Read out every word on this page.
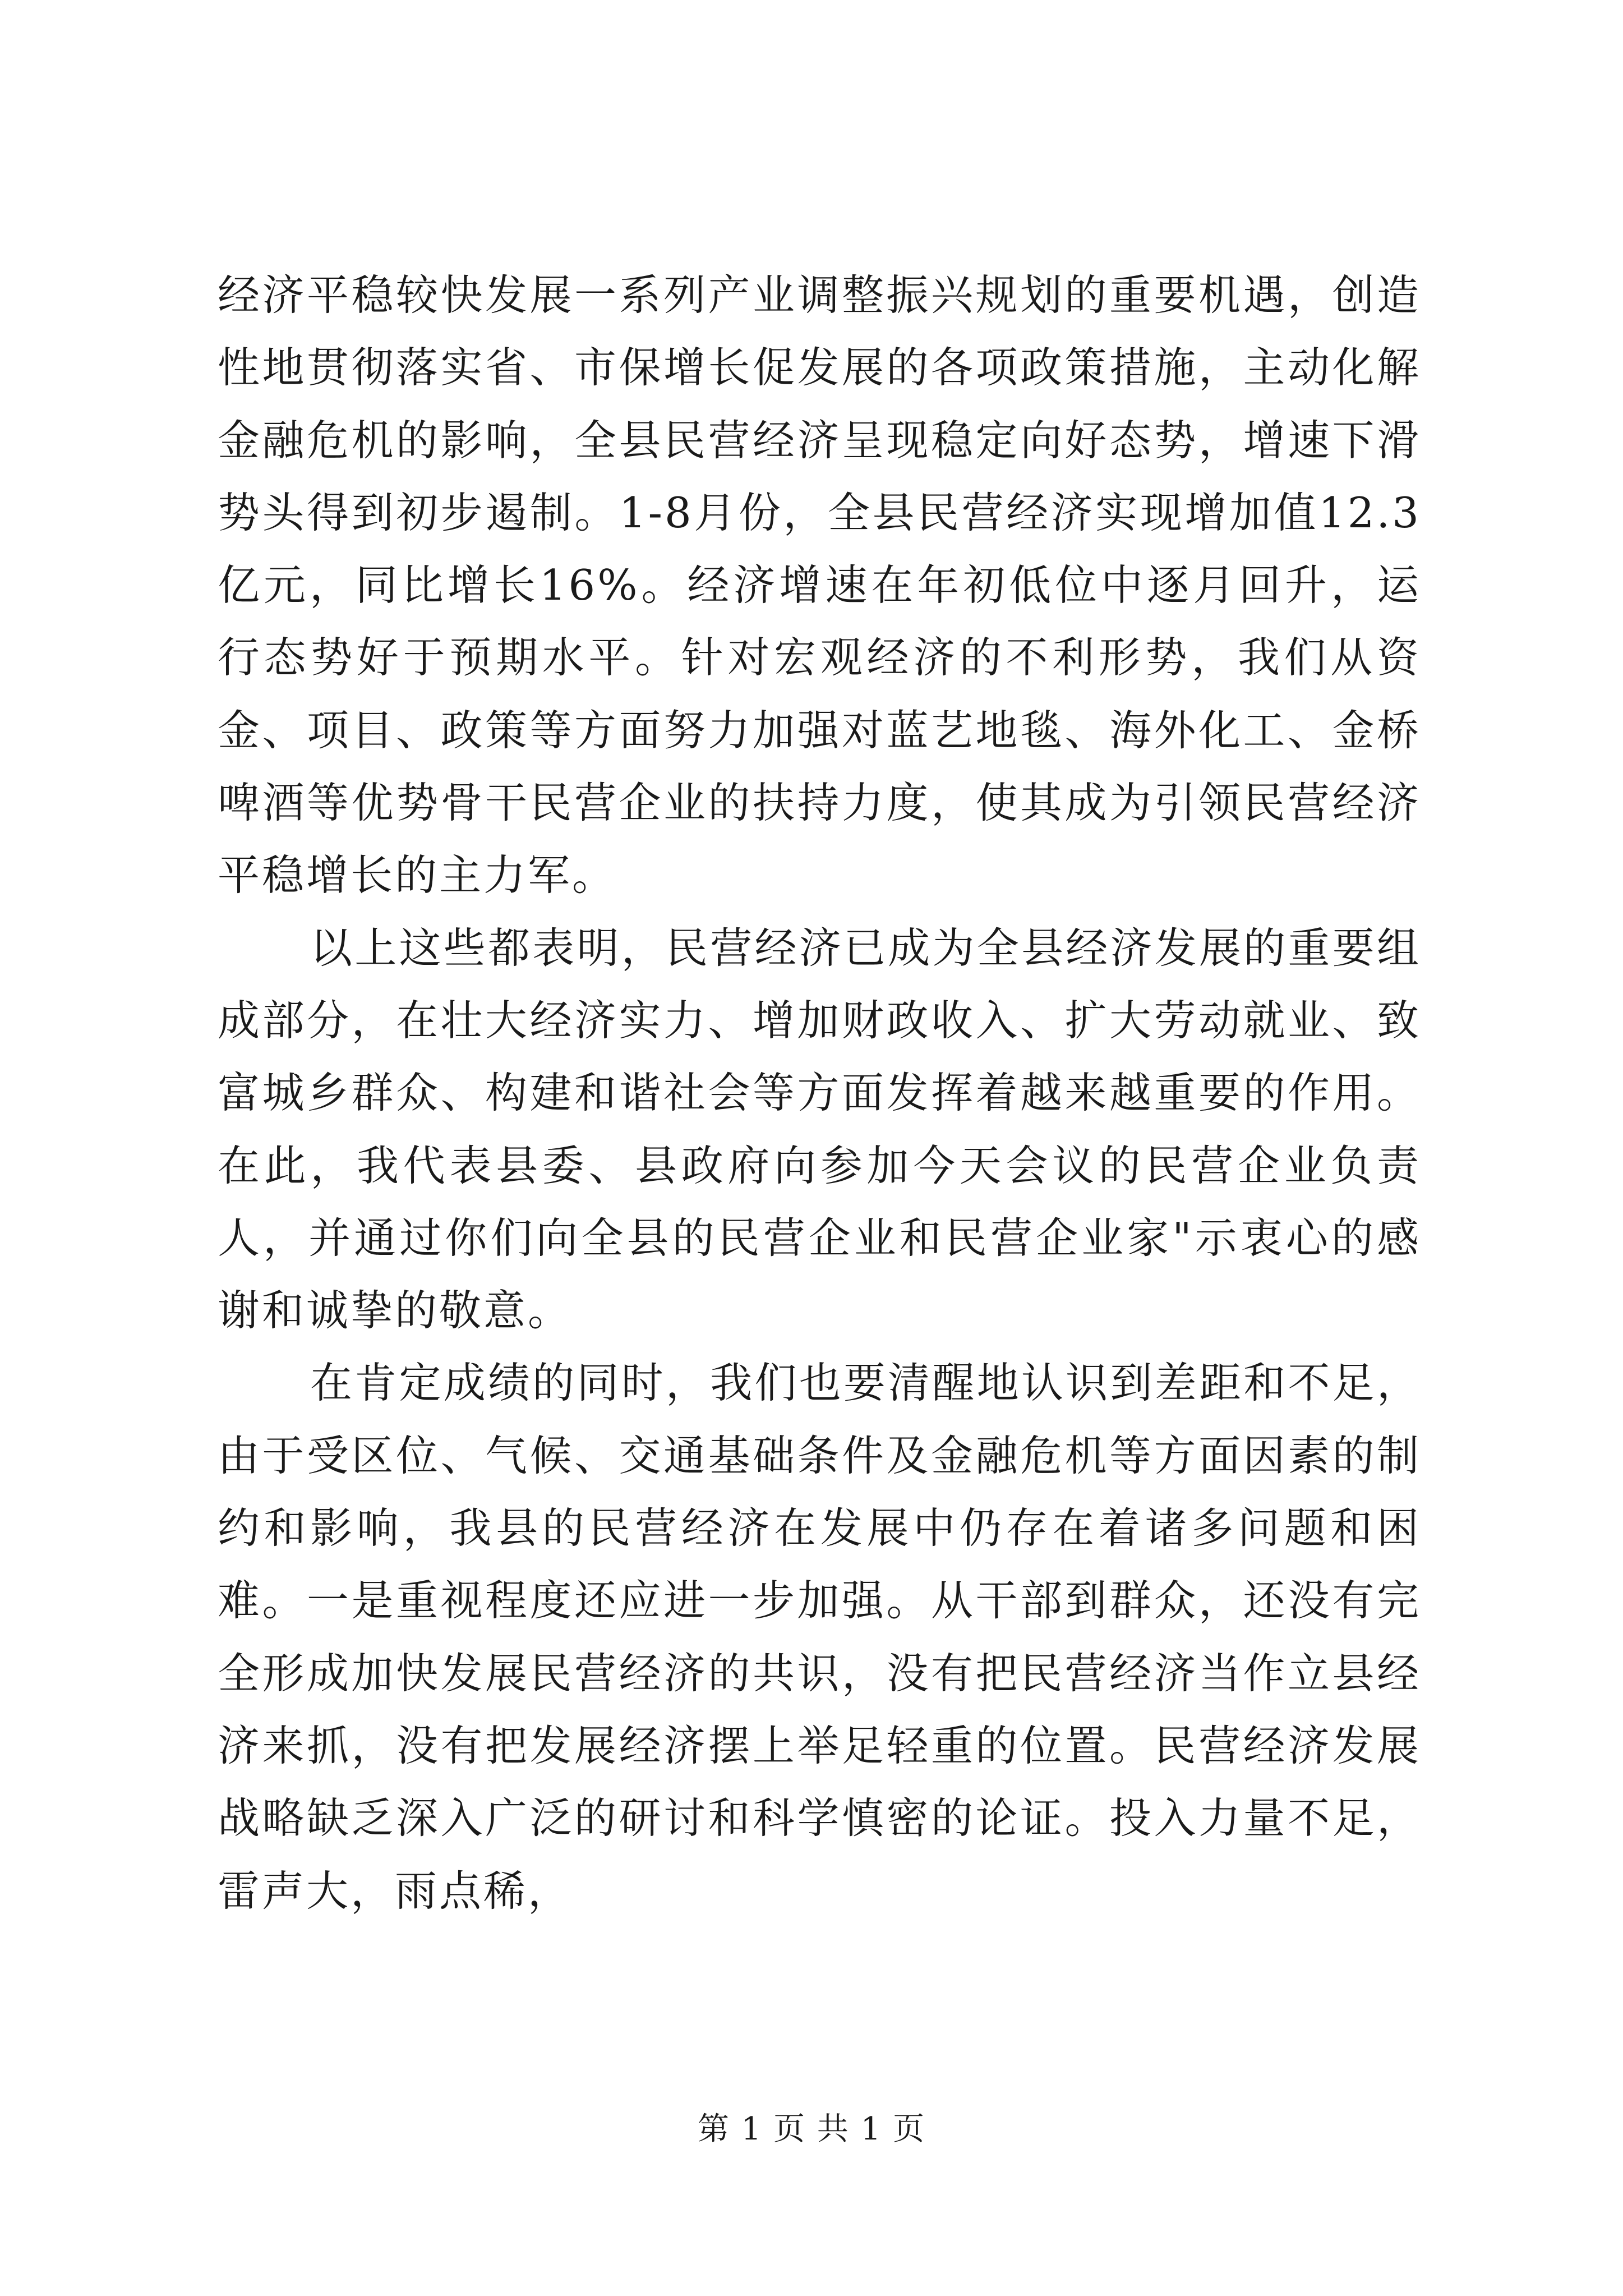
经济平稳较快发展一系列产业调整振兴规划的重要机遇，创造性地贯彻落实省、市保增长促发展的各项政策措施，主动化解金融危机的影响，全县民营经济呈现稳定向好态势，增速下滑势头得到初步遏制。1-8月份，全县民营经济实现增加值12.3亿元，同比增长16%。经济增速在年初低位中逐月回升，运行态势好于预期水平。针对宏观经济的不利形势，我们从资金、项目、政策等方面努力加强对蓝艺地毯、海外化工、金桥啤酒等优势骨干民营企业的扶持力度，使其成为引领民营经济平稳增长的主力军。

以上这些都表明，民营经济已成为全县经济发展的重要组成部分，在壮大经济实力、增加财政收入、扩大劳动就业、致富城乡群众、构建和谐社会等方面发挥着越来越重要的作用。在此，我代表县委、县政府向参加今天会议的民营企业负责人，并通过你们向全县的民营企业和民营企业家"示衷心的感谢和诚挚的敬意。

在肯定成绩的同时，我们也要清醒地认识到差距和不足，由于受区位、气候、交通基础条件及金融危机等方面因素的制约和影响，我县的民营经济在发展中仍存在着诸多问题和困难。一是重视程度还应进一步加强。从干部到群众，还没有完全形成加快发展民营经济的共识，没有把民营经济当作立县经济来抓，没有把发展经济摆上举足轻重的位置。民营经济发展战略缺乏深入广泛的研讨和科学慎密的论证。投入力量不足，雷声大，雨点稀，

第 1 页 共 1 页
